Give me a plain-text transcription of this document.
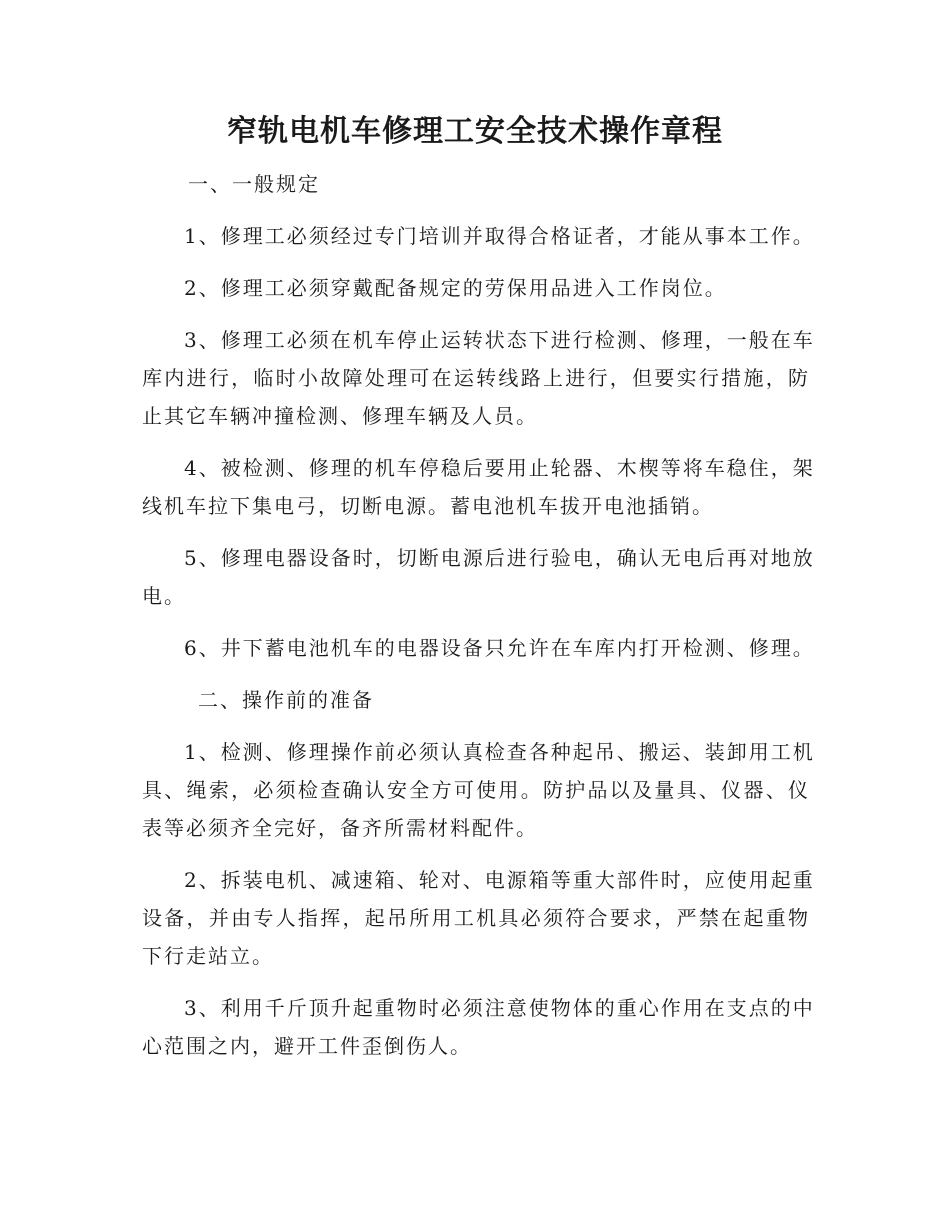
窄轨电机车修理工安全技术操作章程
一、一般规定
1、修理工必须经过专门培训并取得合格证者，才能从事本工作。
2、修理工必须穿戴配备规定的劳保用品进入工作岗位。
3、修理工必须在机车停止运转状态下进行检测、修理，一般在车
库内进行，临时小故障处理可在运转线路上进行，但要实行措施，防
止其它车辆冲撞检测、修理车辆及人员。
4、被检测、修理的机车停稳后要用止轮器、木楔等将车稳住，架
线机车拉下集电弓，切断电源。蓄电池机车拔开电池插销。
5、修理电器设备时，切断电源后进行验电，确认无电后再对地放
电。
6、井下蓄电池机车的电器设备只允许在车库内打开检测、修理。
二、操作前的准备
1、检测、修理操作前必须认真检查各种起吊、搬运、装卸用工机
具、绳索，必须检查确认安全方可使用。防护品以及量具、仪器、仪
表等必须齐全完好，备齐所需材料配件。
2、拆装电机、减速箱、轮对、电源箱等重大部件时，应使用起重
设备，并由专人指挥，起吊所用工机具必须符合要求，严禁在起重物
下行走站立。
3、利用千斤顶升起重物时必须注意使物体的重心作用在支点的中
心范围之内，避开工件歪倒伤人。
